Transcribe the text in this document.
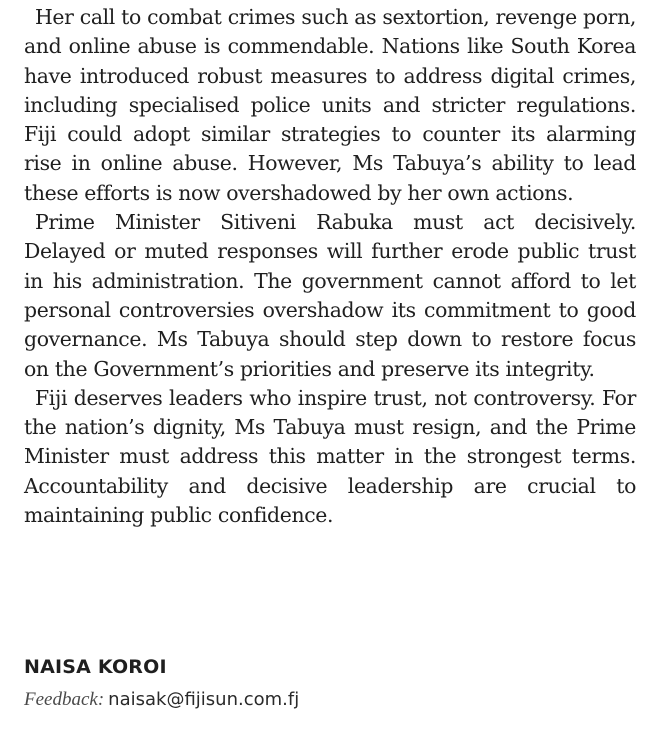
Her call to combat crimes such as sextortion, revenge porn, and online abuse is commendable. Nations like South Korea have introduced robust measures to address digital crimes, including specialised police units and stricter regulations. Fiji could adopt similar strategies to counter its alarming rise in online abuse. However, Ms Tabuya’s ability to lead these efforts is now overshadowed by her own actions.

Prime Minister Sitiveni Rabuka must act decisively. Delayed or muted responses will further erode public trust in his administration. The government cannot afford to let personal controversies overshadow its commitment to good governance. Ms Tabuya should step down to restore focus on the Government’s priorities and preserve its integrity.

Fiji deserves leaders who inspire trust, not controversy. For the nation’s dignity, Ms Tabuya must resign, and the Prime Minister must address this matter in the strongest terms. Accountability and decisive leadership are crucial to maintaining public confidence.

NAISA KOROI

Feedback: naisak@fijisun.com.fj
